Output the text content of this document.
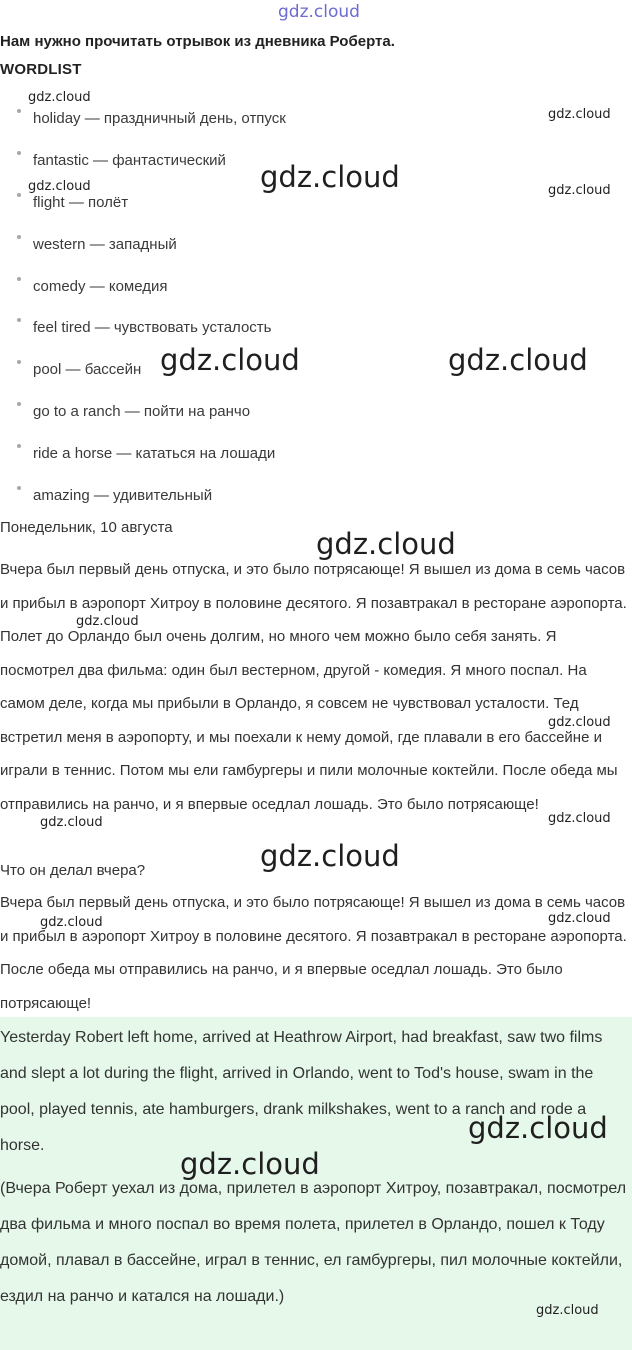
gdz.cloud
Нам нужно прочитать отрывок из дневника Роберта.
WORDLIST
holiday — праздничный день, отпуск
fantastic — фантастический
flight — полёт
western — западный
comedy — комедия
feel tired — чувствовать усталость
pool — бассейн
go to a ranch — пойти на ранчо
ride a horse — кататься на лошади
amazing — удивительный
Понедельник, 10 августа
Вчера был первый день отпуска, и это было потрясающе! Я вышел из дома в семь часов и прибыл в аэропорт Хитроу в половине десятого. Я позавтракал в ресторане аэропорта. Полет до Орландо был очень долгим, но много чем можно было себя занять. Я посмотрел два фильма: один был вестерном, другой - комедия. Я много поспал. На самом деле, когда мы прибыли в Орландо, я совсем не чувствовал усталости. Тед встретил меня в аэропорту, и мы поехали к нему домой, где плавали в его бассейне и играли в теннис. Потом мы ели гамбургеры и пили молочные коктейли. После обеда мы отправились на ранчо, и я впервые оседлал лошадь. Это было потрясающе!
Что он делал вчера?
Вчера был первый день отпуска, и это было потрясающе! Я вышел из дома в семь часов и прибыл в аэропорт Хитроу в половине десятого. Я позавтракал в ресторане аэропорта. После обеда мы отправились на ранчо, и я впервые оседлал лошадь. Это было потрясающе!
Yesterday Robert left home, arrived at Heathrow Airport, had breakfast, saw two films and slept a lot during the flight, arrived in Orlando, went to Tod's house, swam in the pool, played tennis, ate hamburgers, drank milkshakes, went to a ranch and rode a horse.
(Вчера Роберт уехал из дома, прилетел в аэропорт Хитроу, позавтракал, посмотрел два фильма и много поспал во время полета, прилетел в Орландо, пошел к Тоду домой, плавал в бассейне, играл в теннис, ел гамбургеры, пил молочные коктейли, ездил на ранчо и катался на лошади.)
gdz.cloud
gdz.cloud
gdz.cloud
gdz.cloud	gdz.cloud
gdz.cloud	gdz.cloud
gdz.cloud
gdz.cloud
gdz.cloud
gdz.cloud	gdz.cloud
gdz.cloud
gdz.cloud	gdz.cloud
gdz.cloud
gdz.cloud
gdz.cloud
